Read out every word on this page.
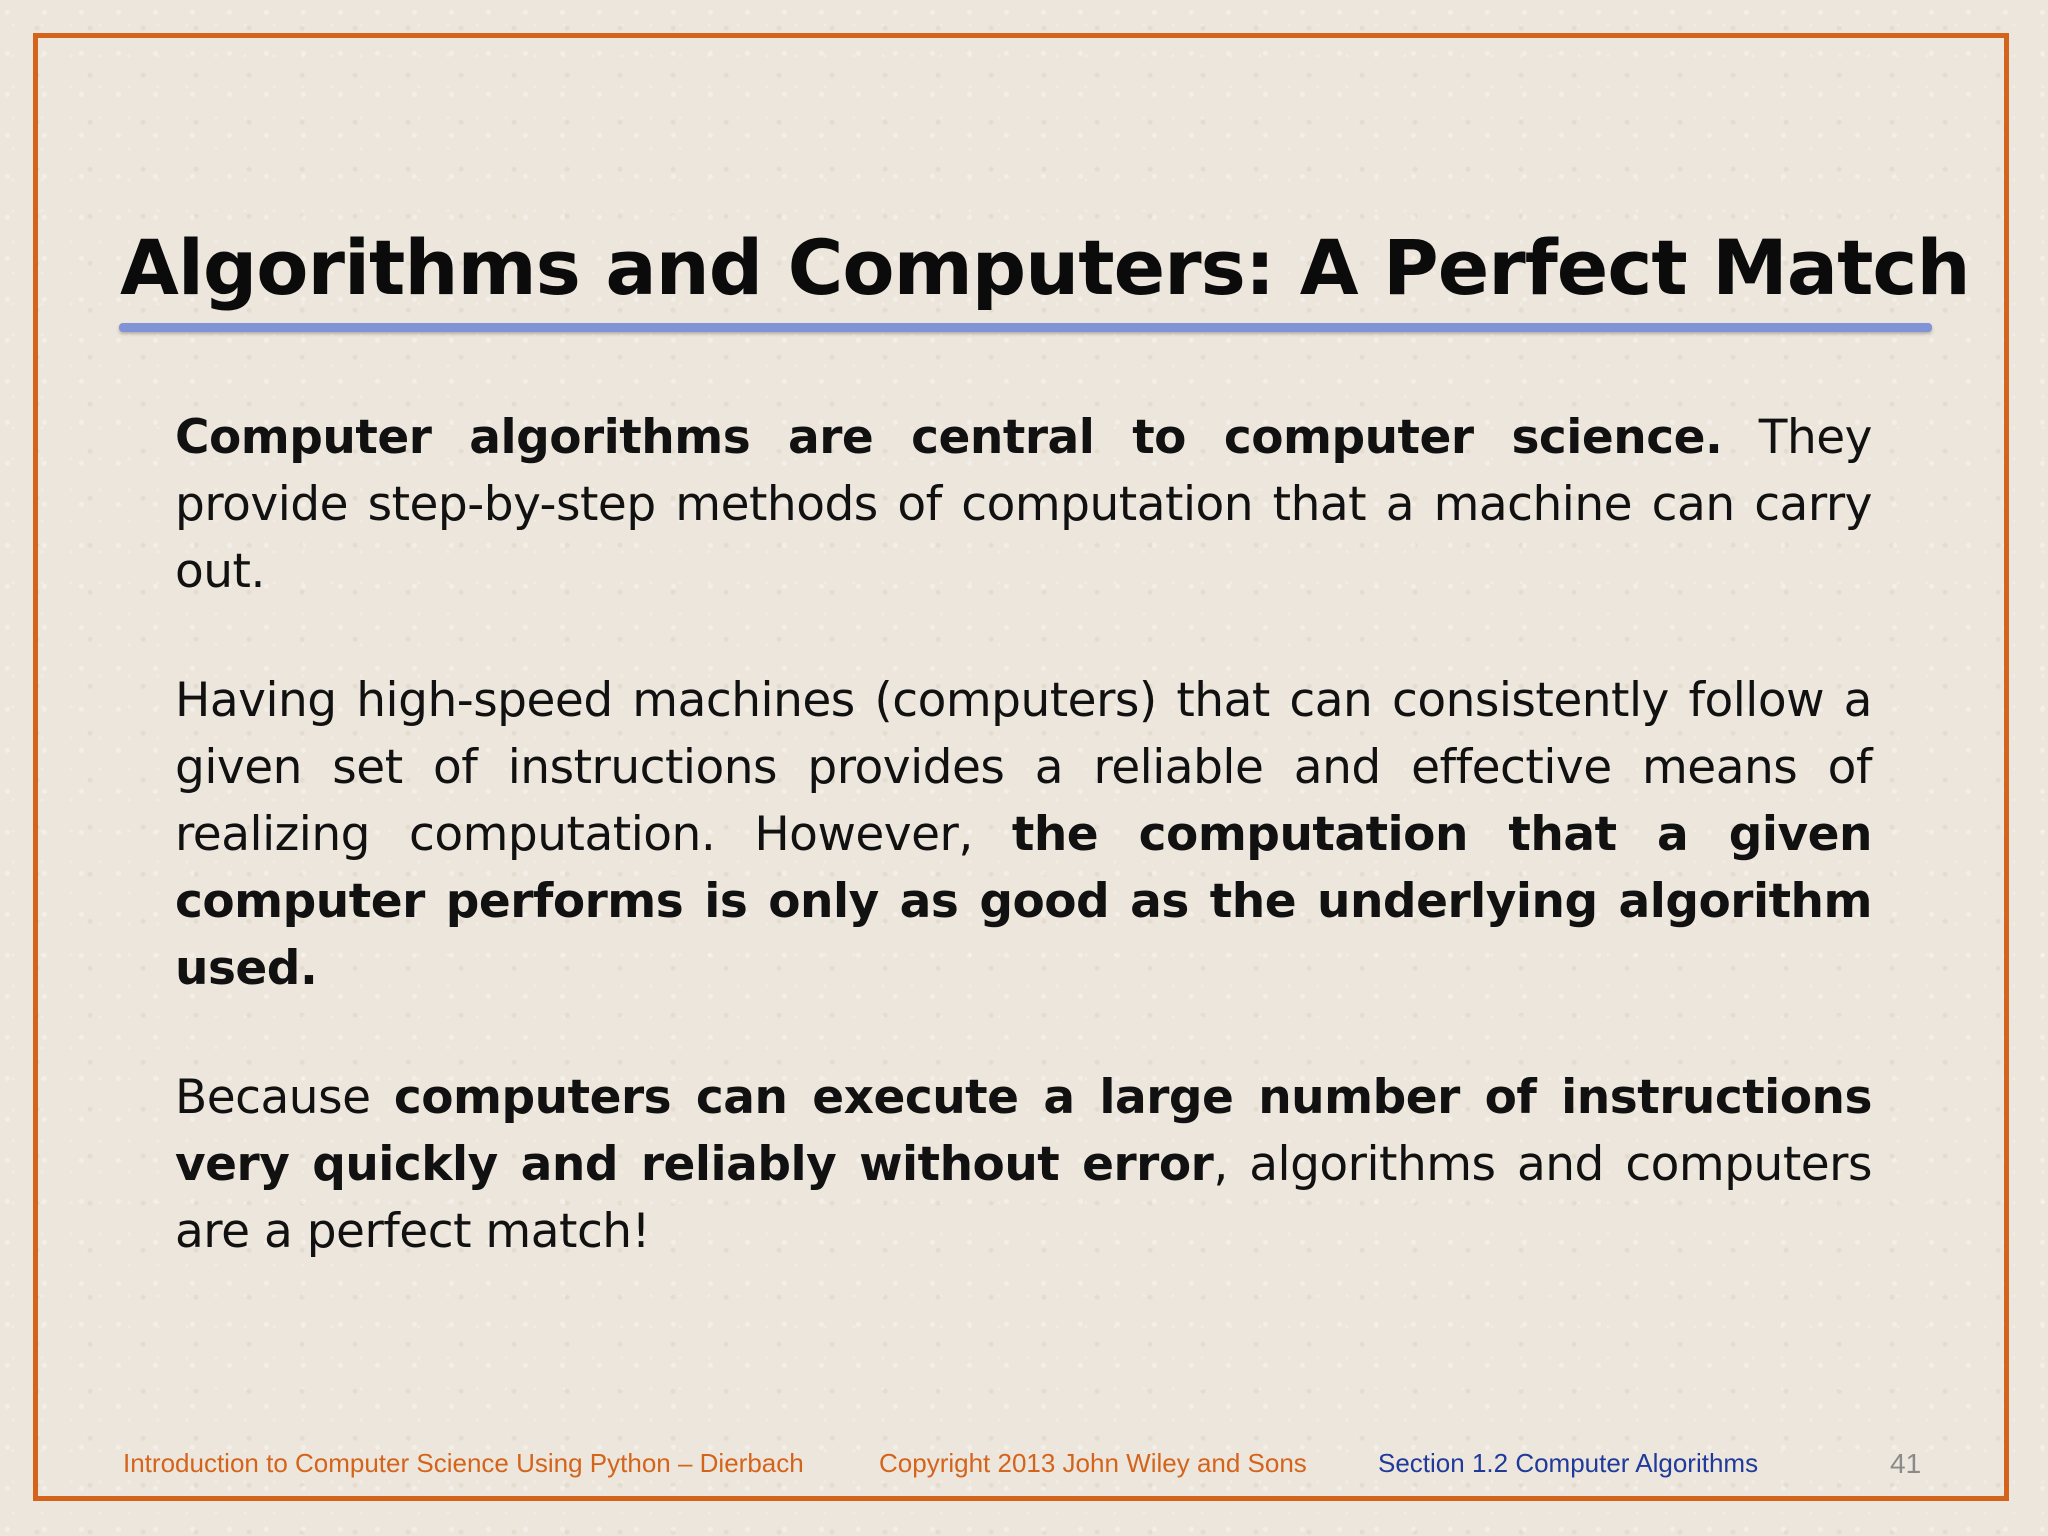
Algorithms and Computers: A Perfect Match

Computer algorithms are central to computer science. They provide step-by-step methods of computation that a machine can carry out.

Having high-speed machines (computers) that can consistently follow a given set of instructions provides a reliable and effective means of realizing computation. However, the computation that a given computer performs is only as good as the underlying algorithm used.

Because computers can execute a large number of instructions very quickly and reliably without error, algorithms and computers are a perfect match!

Introduction to Computer Science Using Python – Dierbach	Copyright 2013 John Wiley and Sons	Section 1.2 Computer Algorithms	41
